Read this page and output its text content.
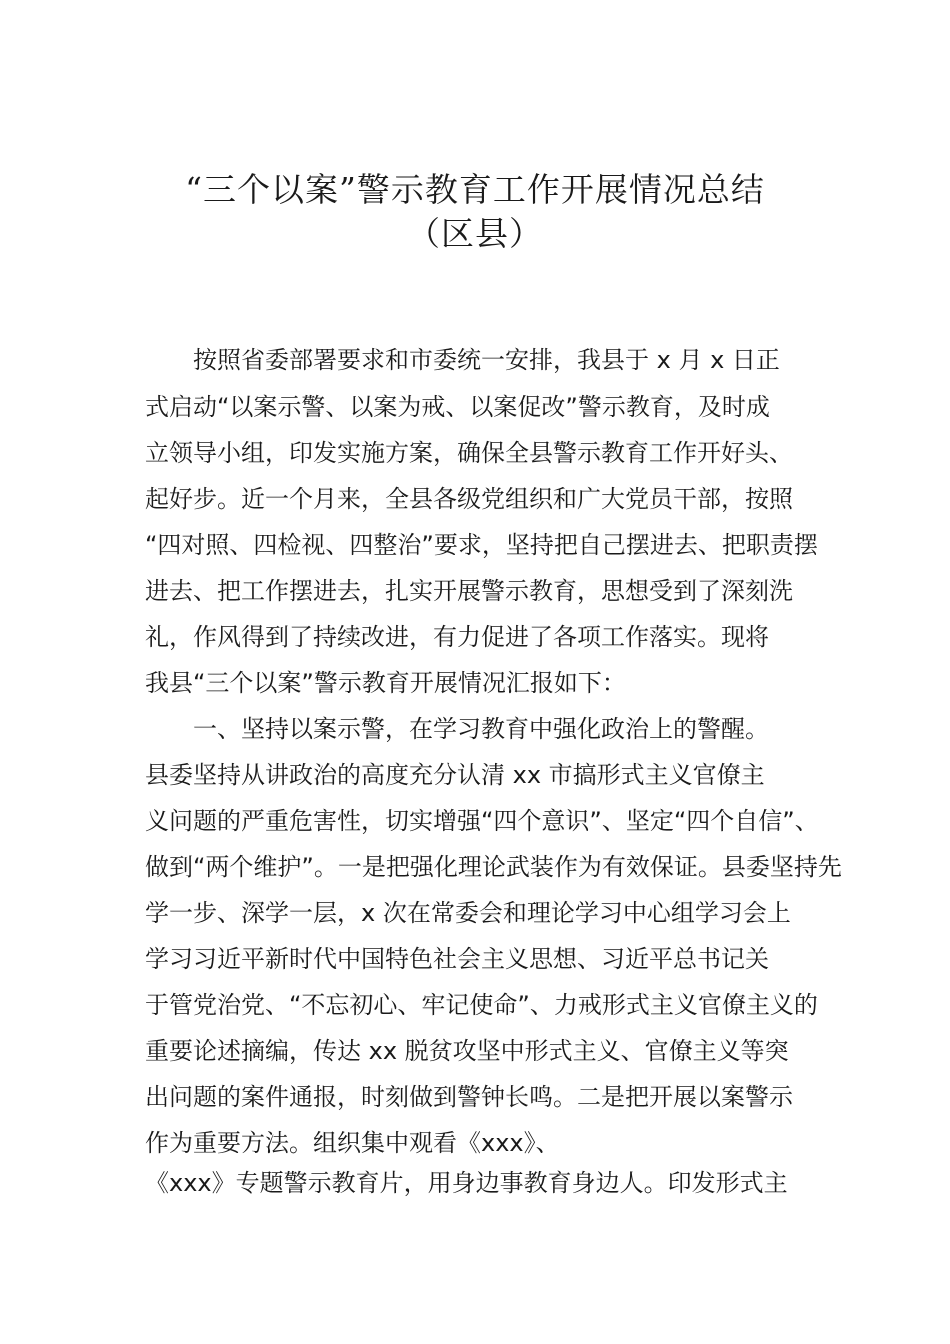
“三个以案”警示教育工作开展情况总结
（区县）
　　按照省委部署要求和市委统一安排，我县于 x 月 x 日正
式启动“以案示警、以案为戒、以案促改”警示教育，及时成
立领导小组，印发实施方案，确保全县警示教育工作开好头、
起好步。近一个月来，全县各级党组织和广大党员干部，按照
“四对照、四检视、四整治”要求，坚持把自己摆进去、把职责摆
进去、把工作摆进去，扎实开展警示教育，思想受到了深刻洗
礼，作风得到了持续改进，有力促进了各项工作落实。现将
我县“三个以案”警示教育开展情况汇报如下：
　　一、坚持以案示警，在学习教育中强化政治上的警醒。
县委坚持从讲政治的高度充分认清 xx 市搞形式主义官僚主
义问题的严重危害性，切实增强“四个意识”、坚定“四个自信”、
做到“两个维护”。一是把强化理论武装作为有效保证。县委坚持先
学一步、深学一层，x 次在常委会和理论学习中心组学习会上
学习习近平新时代中国特色社会主义思想、习近平总书记关
于管党治党、“不忘初心、牢记使命”、力戒形式主义官僚主义的
重要论述摘编，传达 xx 脱贫攻坚中形式主义、官僚主义等突
出问题的案件通报，时刻做到警钟长鸣。二是把开展以案警示
作为重要方法。组织集中观看《xxx》、
《xxx》专题警示教育片，用身边事教育身边人。印发形式主
